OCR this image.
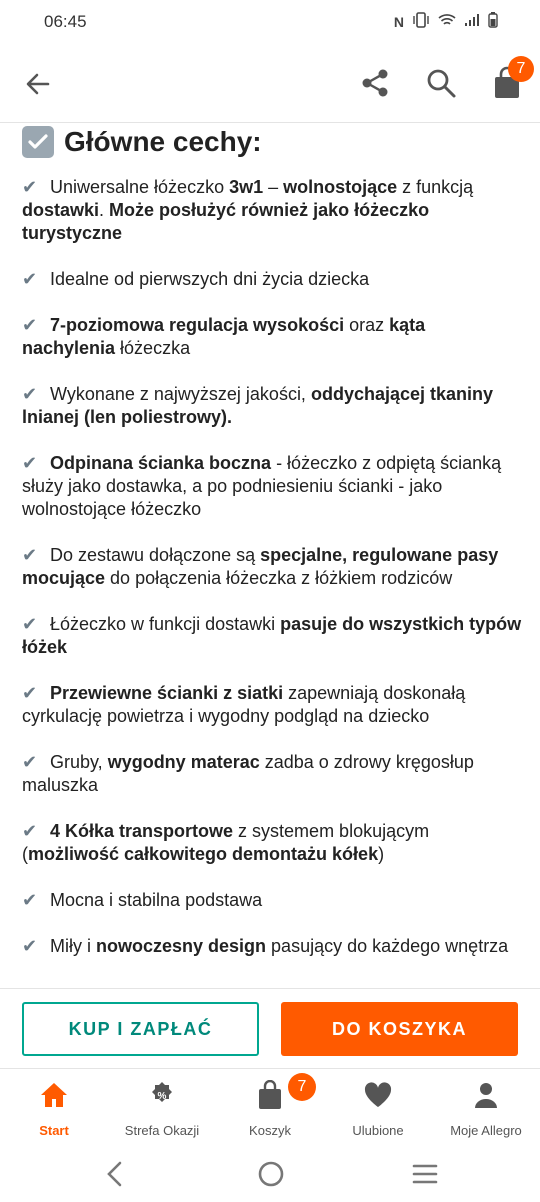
06:45	N
7
Główne cechy:

✔ Uniwersalne łóżeczko 3w1 – wolnostojące z funkcją dostawki. Może posłużyć również jako łóżeczko turystyczne

✔ Idealne od pierwszych dni życia dziecka

✔ 7-poziomowa regulacja wysokości oraz kąta nachylenia łóżeczka

✔ Wykonane z najwyższej jakości, oddychającej tkaniny lnianej (len poliestrowy).

✔ Odpinana ścianka boczna - łóżeczko z odpiętą ścianką służy jako dostawka, a po podniesieniu ścianki - jako wolnostojące łóżeczko

✔ Do zestawu dołączone są specjalne, regulowane pasy mocujące do połączenia łóżeczka z łóżkiem rodziców

✔ Łóżeczko w funkcji dostawki pasuje do wszystkich typów łóżek

✔ Przewiewne ścianki z siatki zapewniają doskonałą cyrkulację powietrza i wygodny podgląd na dziecko

✔ Gruby, wygodny materac zadba o zdrowy kręgosłup maluszka

✔ 4 Kółka transportowe z systemem blokującym (możliwość całkowitego demontażu kółek)

✔ Mocna i stabilna podstawa

✔ Miły i nowoczesny design pasujący do każdego wnętrza

KUP I ZAPŁAĆ	DO KOSZYKA
Start
%
Strefa Okazji	Koszyk	Ulubione	Moje Allegro
7
